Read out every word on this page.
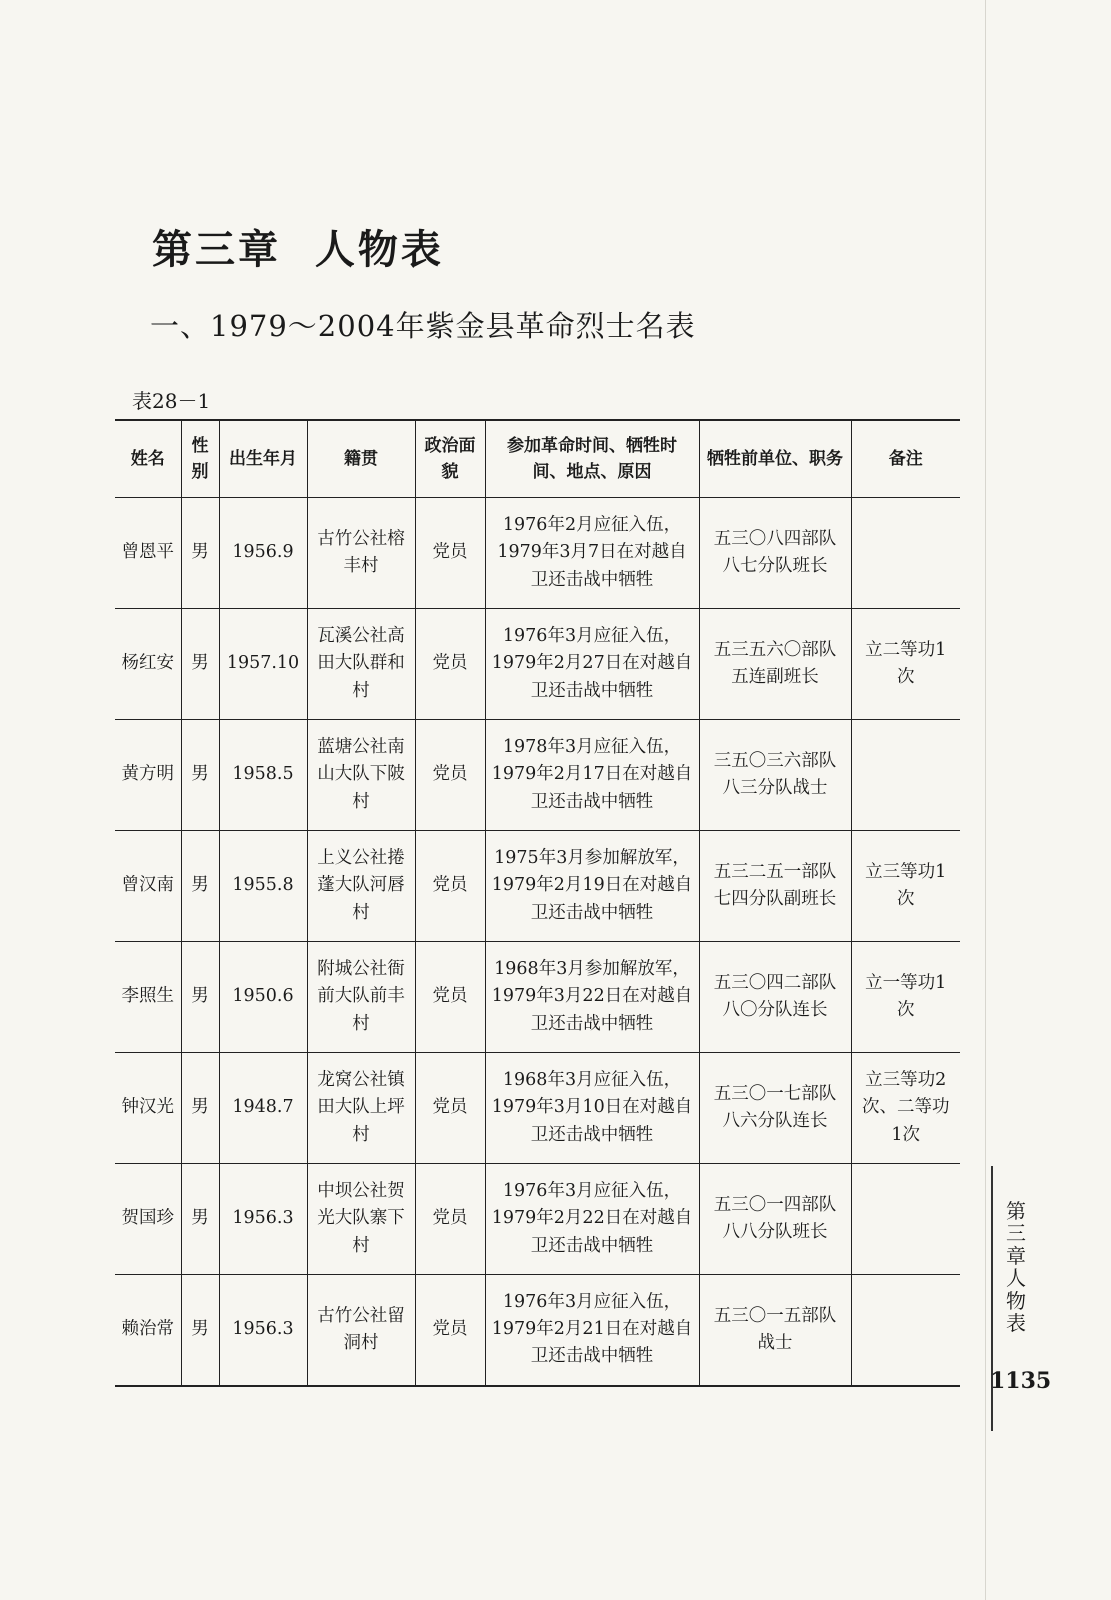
第三章  人物表
一、1979～2004年紫金县革命烈士名表
表28－1
姓名	性别	出生年月	籍贯	政治面貌	参加革命时间、牺牲时间、地点、原因	牺牲前单位、职务	备注
曾恩平	男	1956.9	古竹公社榕丰村	党员	1976年2月应征入伍，1979年3月7日在对越自卫还击战中牺牲	五三〇八四部队八七分队班长	
杨红安	男	1957.10	瓦溪公社高田大队群和村	党员	1976年3月应征入伍，1979年2月27日在对越自卫还击战中牺牲	五三五六〇部队五连副班长	立二等功1次
黄方明	男	1958.5	蓝塘公社南山大队下陂村	党员	1978年3月应征入伍，1979年2月17日在对越自卫还击战中牺牲	三五〇三六部队八三分队战士	
曾汉南	男	1955.8	上义公社捲蓬大队河唇村	党员	1975年3月参加解放军，1979年2月19日在对越自卫还击战中牺牲	五三二五一部队七四分队副班长	立三等功1次
李照生	男	1950.6	附城公社衙前大队前丰村	党员	1968年3月参加解放军，1979年3月22日在对越自卫还击战中牺牲	五三〇四二部队八〇分队连长	立一等功1次
钟汉光	男	1948.7	龙窝公社镇田大队上坪村	党员	1968年3月应征入伍，1979年3月10日在对越自卫还击战中牺牲	五三〇一七部队八六分队连长	立三等功2次、二等功1次
贺国珍	男	1956.3	中坝公社贺光大队寨下村	党员	1976年3月应征入伍，1979年2月22日在对越自卫还击战中牺牲	五三〇一四部队八八分队班长	
赖治常	男	1956.3	古竹公社留洞村	党员	1976年3月应征入伍，1979年2月21日在对越自卫还击战中牺牲	五三〇一五部队战士	
第三章
人物表
1135
